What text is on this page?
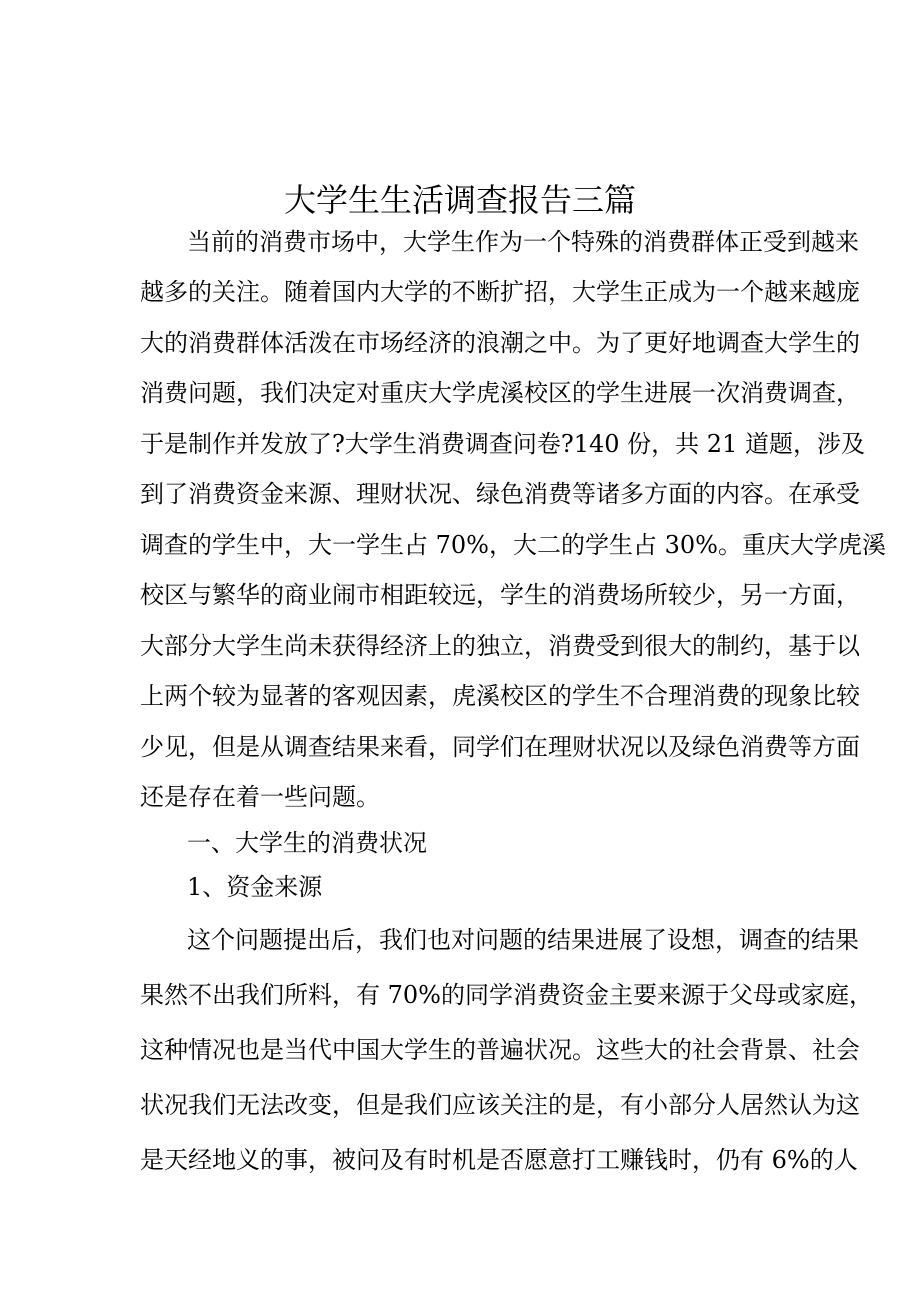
大学生生活调查报告三篇
当前的消费市场中，大学生作为一个特殊的消费群体正受到越来
越多的关注。随着国内大学的不断扩招，大学生正成为一个越来越庞
大的消费群体活泼在市场经济的浪潮之中。为了更好地调查大学生的
消费问题，我们决定对重庆大学虎溪校区的学生进展一次消费调查，
于是制作并发放了?大学生消费调查问卷?140 份，共 21 道题，涉及
到了消费资金来源、理财状况、绿色消费等诸多方面的内容。在承受
调查的学生中，大一学生占 70%，大二的学生占 30%。重庆大学虎溪
校区与繁华的商业闹市相距较远，学生的消费场所较少，另一方面，
大部分大学生尚未获得经济上的独立，消费受到很大的制约，基于以
上两个较为显著的客观因素，虎溪校区的学生不合理消费的现象比较
少见，但是从调查结果来看，同学们在理财状况以及绿色消费等方面
还是存在着一些问题。
一、大学生的消费状况
1、资金来源
这个问题提出后，我们也对问题的结果进展了设想，调查的结果
果然不出我们所料，有 70%的同学消费资金主要来源于父母或家庭，
这种情况也是当代中国大学生的普遍状况。这些大的社会背景、社会
状况我们无法改变，但是我们应该关注的是，有小部分人居然认为这
是天经地义的事，被问及有时机是否愿意打工赚钱时，仍有 6%的人
